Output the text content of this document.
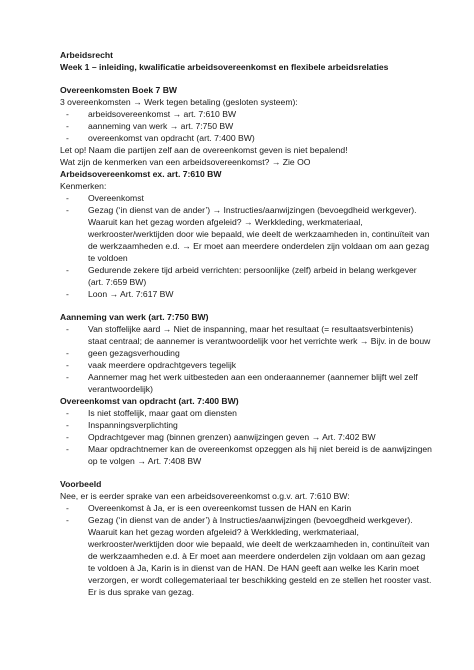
Arbeidsrecht
Week 1 – inleiding, kwalificatie arbeidsovereenkomst en flexibele arbeidsrelaties
Overeenkomsten Boek 7 BW
3 overeenkomsten → Werk tegen betaling (gesloten systeem):
- arbeidsovereenkomst → art. 7:610 BW
- aanneming van werk → art. 7:750 BW
- overeenkomst van opdracht (art. 7:400 BW)
Let op! Naam die partijen zelf aan de overeenkomst geven is niet bepalend!
Wat zijn de kenmerken van een arbeidsovereenkomst? → Zie OO
Arbeidsovereenkomst ex. art. 7:610 BW
Kenmerken:
- Overeenkomst
- Gezag (‘in dienst van de ander’) → Instructies/aanwijzingen (bevoegdheid werkgever). Waaruit kan het gezag worden afgeleid? → Werkkleding, werkmateriaal, werkrooster/werktijden door wie bepaald, wie deelt de werkzaamheden in, continuïteit van de werkzaamheden e.d. → Er moet aan meerdere onderdelen zijn voldaan om aan gezag te voldoen
- Gedurende zekere tijd arbeid verrichten: persoonlijke (zelf) arbeid in belang werkgever (art. 7:659 BW)
- Loon → Art. 7:617 BW
Aanneming van werk (art. 7:750 BW)
- Van stoffelijke aard → Niet de inspanning, maar het resultaat (= resultaatsverbintenis) staat centraal; de aannemer is verantwoordelijk voor het verrichte werk → Bijv. in de bouw
- geen gezagsverhouding
- vaak meerdere opdrachtgevers tegelijk
- Aannemer mag het werk uitbesteden aan een onderaannemer (aannemer blijft wel zelf verantwoordelijk)
Overeenkomst van opdracht (art. 7:400 BW)
- Is niet stoffelijk, maar gaat om diensten
- Inspanningsverplichting
- Opdrachtgever mag (binnen grenzen) aanwijzingen geven → Art. 7:402 BW
- Maar opdrachtnemer kan de overeenkomst opzeggen als hij niet bereid is de aanwijzingen op te volgen → Art. 7:408 BW
Voorbeeld
Nee, er is eerder sprake van een arbeidsovereenkomst o.g.v. art. 7:610 BW:
- Overeenkomst à Ja, er is een overeenkomst tussen de HAN en Karin
- Gezag (‘in dienst van de ander’) à Instructies/aanwijzingen (bevoegdheid werkgever). Waaruit kan het gezag worden afgeleid? à Werkkleding, werkmateriaal, werkrooster/werktijden door wie bepaald, wie deelt de werkzaamheden in, continuïteit van de werkzaamheden e.d. à Er moet aan meerdere onderdelen zijn voldaan om aan gezag te voldoen à Ja, Karin is in dienst van de HAN. De HAN geeft aan welke les Karin moet verzorgen, er wordt collegemateriaal ter beschikking gesteld en ze stellen het rooster vast. Er is dus sprake van gezag.
